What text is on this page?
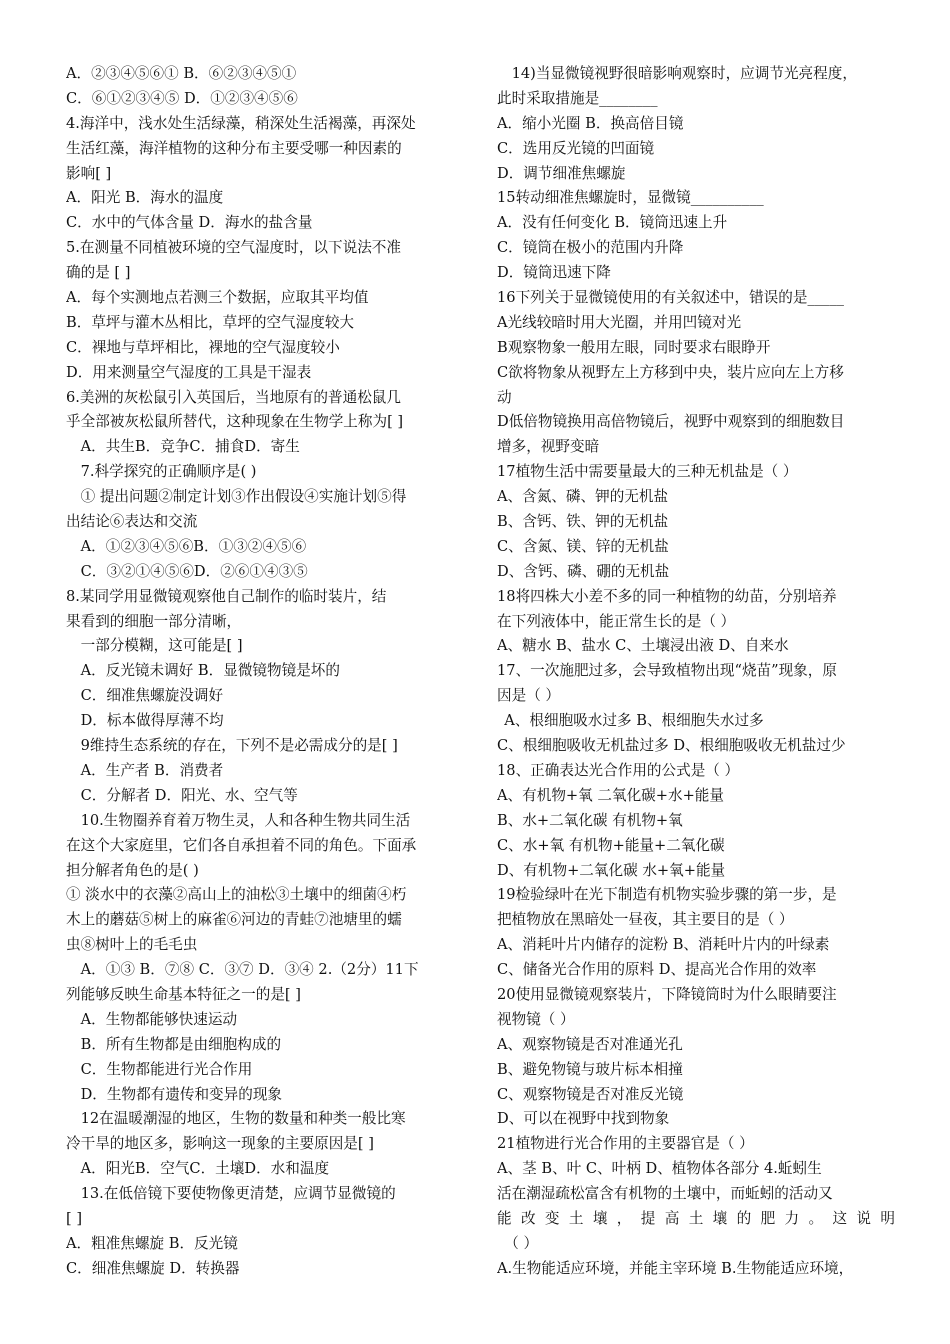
A．②③④⑤⑥① B．⑥②③④⑤①
C．⑥①②③④⑤ D．①②③④⑤⑥
4.海洋中，浅水处生活绿藻，稍深处生活褐藻，再深处
生活红藻，海洋植物的这种分布主要受哪一种因素的
影响[ ]
A．阳光 B．海水的温度
C．水中的气体含量 D．海水的盐含量
5.在测量不同植被环境的空气湿度时，以下说法不准
确的是 [ ]
A．每个实测地点若测三个数据，应取其平均值
B．草坪与灌木丛相比，草坪的空气湿度较大
C．裸地与草坪相比，裸地的空气湿度较小
D．用来测量空气湿度的工具是干湿表
6.美洲的灰松鼠引入英国后，当地原有的普通松鼠几
乎全部被灰松鼠所替代，这种现象在生物学上称为[ ]
A．共生B．竞争C．捕食D．寄生
7.科学探究的正确顺序是( )
① 提出问题②制定计划③作出假设④实施计划⑤得
出结论⑥表达和交流
A．①②③④⑤⑥B．①③②④⑤⑥
C．③②①④⑤⑥D．②⑥①④③⑤
8.某同学用显微镜观察他自己制作的临时装片，结
果看到的细胞一部分清晰，
一部分模糊，这可能是[ ]
A．反光镜未调好 B．显微镜物镜是坏的
C．细准焦螺旋没调好
D．标本做得厚薄不均
9维持生态系统的存在，下列不是必需成分的是[ ]
A．生产者 B．消费者
C．分解者 D．阳光、水、空气等
10.生物圈养育着万物生灵，人和各种生物共同生活
在这个大家庭里，它们各自承担着不同的角色。下面承
担分解者角色的是( )
① 淡水中的衣藻②高山上的油松③土壤中的细菌④朽
木上的蘑菇⑤树上的麻雀⑥河边的青蛙⑦池塘里的蠕
虫⑧树叶上的毛毛虫
A．①③ B．⑦⑧ C．③⑦ D．③④ 2.（2分）11下
列能够反映生命基本特征之一的是[ ]
A．生物都能够快速运动
B．所有生物都是由细胞构成的
C．生物都能进行光合作用
D．生物都有遗传和变异的现象
12在温暖潮湿的地区，生物的数量和种类一般比寒
冷干旱的地区多，影响这一现象的主要原因是[ ]
A．阳光B．空气C．土壤D．水和温度
13.在低倍镜下要使物像更清楚，应调节显微镜的
[ ]
A．粗准焦螺旋 B．反光镜
C．细准焦螺旋 D．转换器
14)当显微镜视野很暗影响观察时，应调节光亮程度，
此时采取措施是________
A．缩小光圈 B．换高倍目镜
C．选用反光镜的凹面镜
D．调节细准焦螺旋
15转动细准焦螺旋时，显微镜__________
A．没有任何变化 B．镜筒迅速上升
C．镜筒在极小的范围内升降
D．镜筒迅速下降
16下列关于显微镜使用的有关叙述中，错误的是_____
A光线较暗时用大光圈，并用凹镜对光
B观察物象一般用左眼，同时要求右眼睁开
C欲将物象从视野左上方移到中央，装片应向左上方移
动
D低倍物镜换用高倍物镜后，视野中观察到的细胞数目
增多，视野变暗
17植物生活中需要量最大的三种无机盐是（ ）
A、含氮、磷、钾的无机盐
B、含钙、铁、钾的无机盐
C、含氮、镁、锌的无机盐
D、含钙、磷、硼的无机盐
18将四株大小差不多的同一种植物的幼苗，分别培养
在下列液体中，能正常生长的是（ ）
A、糖水 B、盐水 C、土壤浸出液 D、自来水
17、一次施肥过多，会导致植物出现“烧苗”现象，原
因是（ ）
A、根细胞吸水过多 B、根细胞失水过多
C、根细胞吸收无机盐过多 D、根细胞吸收无机盐过少
18、正确表达光合作用的公式是（ ）
A、有机物+氧 二氧化碳+水+能量
B、水+二氧化碳 有机物+氧
C、水+氧 有机物+能量+二氧化碳
D、有机物+二氧化碳 水+氧+能量
19检验绿叶在光下制造有机物实验步骤的第一步，是
把植物放在黑暗处一昼夜，其主要目的是（ ）
A、消耗叶片内储存的淀粉 B、消耗叶片内的叶绿素
C、储备光合作用的原料 D、提高光合作用的效率
20使用显微镜观察装片，下降镜筒时为什么眼睛要注
视物镜（ ）
A、观察物镜是否对准通光孔
B、避免物镜与玻片标本相撞
C、观察物镜是否对准反光镜
D、可以在视野中找到物象
21植物进行光合作用的主要器官是（ ）
A、茎 B、叶 C、叶柄 D、植物体各部分 4.蚯蚓生
活在潮湿疏松富含有机物的土壤中，而蚯蚓的活动又
能 改 变 土 壤 ， 提 高 土 壤 的 肥 力 。 这 说 明
（ ）
A.生物能适应环境，并能主宰环境 B.生物能适应环境，
